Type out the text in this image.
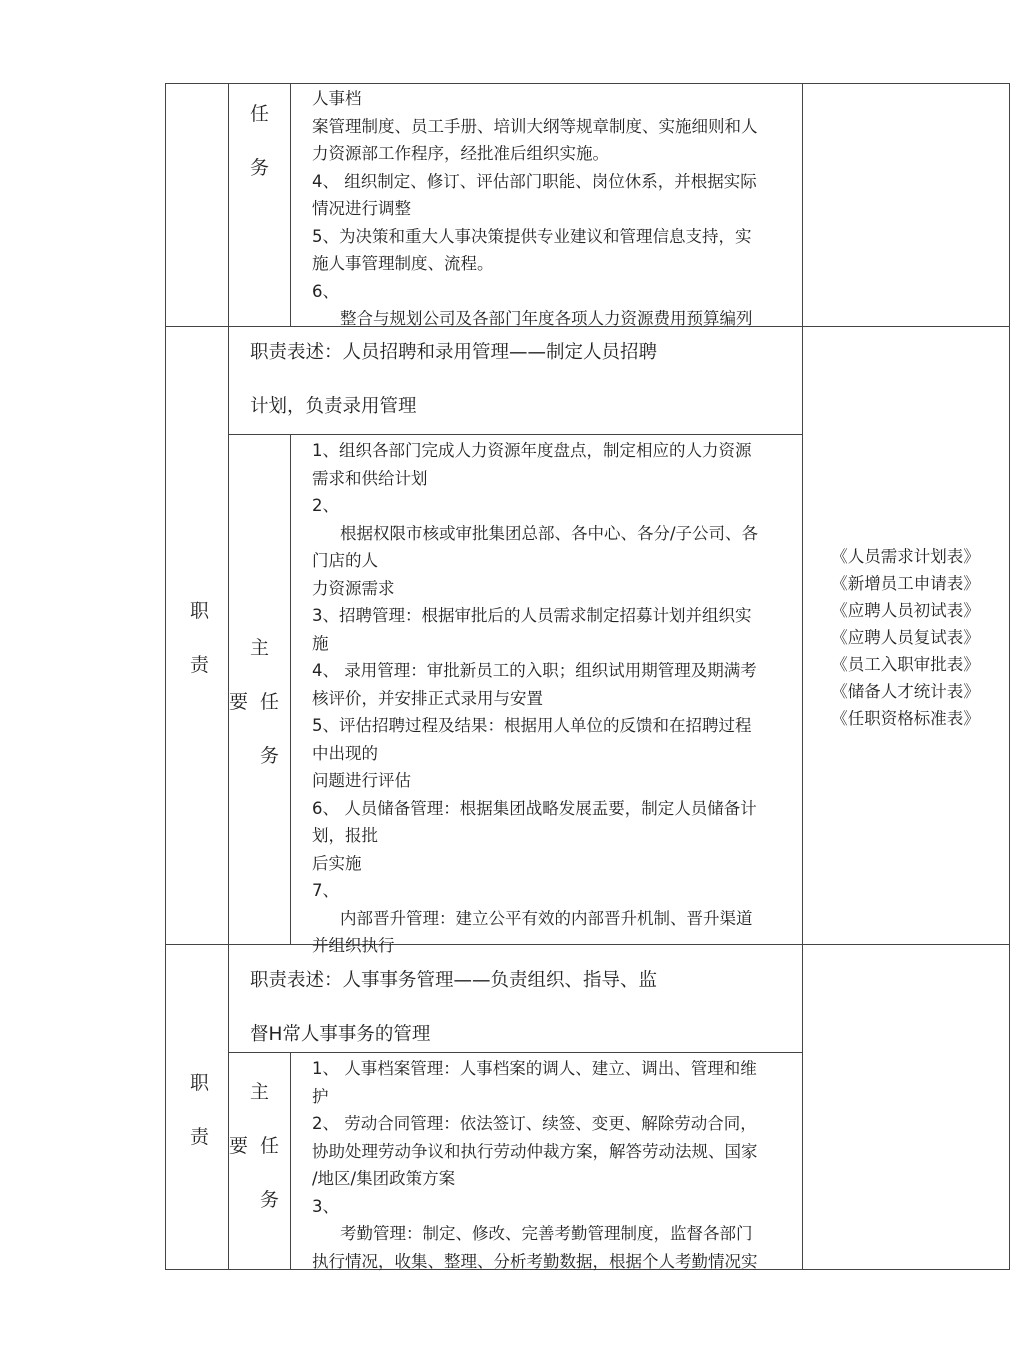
任
务
人事档
案管理制度、员工手册、培训大纲等规章制度、实施细则和人
力资源部工作程序，经批准后组织实施。
4、 组织制定、修订、评估部门职能、岗位休系，并根据实际
情况进行调整
5、为决策和重大人事决策提供专业建议和管理信息支持，实
施人事管理制度、流程。
6、
整合与规划公司及各部门年度各项人力资源费用预算编列
职
责
职责表述：人员招聘和录用管理——制定人员招聘
计划，负责录用管理
主
要 任
务
1、组织各部门完成人力资源年度盘点，制定相应的人力资源
需求和供给计划
2、
根据权限市核或审批集团总部、各中心、各分/子公司、各
门店的人
力资源需求
3、招聘管理：根据审批后的人员需求制定招募计划并组织实
施
4、 录用管理：审批新员工的入职；组织试用期管理及期满考
核评价，并安排正式录用与安置
5、评估招聘过程及结果：根据用人单位的反馈和在招聘过程
中出现的
问题进行评估
6、 人员储备管理：根据集团战略发展盂要，制定人员储备计
划，报批
后实施
7、
内部晋升管理：建立公平有效的内部晋升机制、晋升渠道
并组织执行
《人员需求计划表》
《新增员工申请表》
《应聘人员初试表》
《应聘人员复试表》
《员工入职审批表》
《储备人才统计表》
《任职资格标准表》
职
责
职责表述：人事事务管理——负责组织、指导、监
督H常人事事务的管理
主
要 任
务
1、 人事档案管理：人事档案的调人、建立、调出、管理和维
护
2、 劳动合同管理：依法签订、续签、变更、解除劳动合同，
协助处理劳动争议和执行劳动仲裁方案，解答劳动法规、国家
/地区/集团政策方案
3、
考勤管理：制定、修改、完善考勤管理制度，监督各部门
执行情况，收集、整理、分析考勤数据，根据个人考勤情况实
